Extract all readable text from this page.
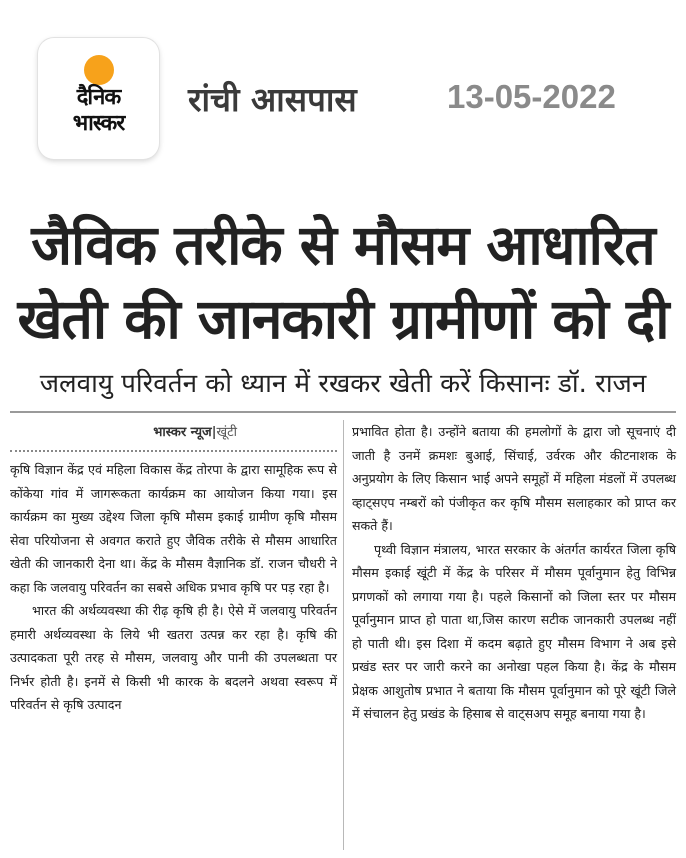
दैनिक
भास्कर
रांची आसपास	13-05-2022
जैविक तरीके से मौसम आधारित
खेती की जानकारी ग्रामीणों को दी
जलवायु परिवर्तन को ध्यान में रखकर खेती करें किसानः डॉ. राजन
भास्कर न्यूज|खूंटी

कृषि विज्ञान केंद्र एवं महिला विकास केंद्र तोरपा के द्वारा सामूहिक रूप से कोंकेया गांव में जागरूकता कार्यक्रम का आयोजन किया गया। इस कार्यक्रम का मुख्य उद्देश्य जिला कृषि मौसम इकाई ग्रामीण कृषि मौसम सेवा परियोजना से अवगत कराते हुए जैविक तरीके से मौसम आधारित खेती की जानकारी देना था। केंद्र के मौसम वैज्ञानिक डॉ. राजन चौधरी ने कहा कि जलवायु परिवर्तन का सबसे अधिक प्रभाव कृषि पर पड़ रहा है।

भारत की अर्थव्यवस्था की रीढ़ कृषि ही है। ऐसे में जलवायु परिवर्तन हमारी अर्थव्यवस्था के लिये भी खतरा उत्पन्न कर रहा है। कृषि की उत्पादकता पूरी तरह से मौसम, जलवायु और पानी की उपलब्धता पर निर्भर होती है। इनमें से किसी भी कारक के बदलने अथवा स्वरूप में परिवर्तन से कृषि उत्पादन

प्रभावित होता है। उन्होंने बताया की हमलोगों के द्वारा जो सूचनाएं दी जाती है उनमें क्रमशः बुआई, सिंचाई, उर्वरक और कीटनाशक के अनुप्रयोग के लिए किसान भाई अपने समूहों में महिला मंडलों में उपलब्ध व्हाट्सएप नम्बरों को पंजीकृत कर कृषि मौसम सलाहकार को प्राप्त कर सकते हैं।

पृथ्वी विज्ञान मंत्रालय, भारत सरकार के अंतर्गत कार्यरत जिला कृषि मौसम इकाई खूंटी में केंद्र के परिसर में मौसम पूर्वानुमान हेतु विभिन्न प्रगणकों को लगाया गया है। पहले किसानों को जिला स्तर पर मौसम पूर्वानुमान प्राप्त हो पाता था,जिस कारण सटीक जानकारी उपलब्ध नहीं हो पाती थी। इस दिशा में कदम बढ़ाते हुए मौसम विभाग ने अब इसे प्रखंड स्तर पर जारी करने का अनोखा पहल किया है। केंद्र के मौसम प्रेक्षक आशुतोष प्रभात ने बताया कि मौसम पूर्वानुमान को पूरे खूंटी जिले में संचालन हेतु प्रखंड के हिसाब से वाट्सअप समूह बनाया गया है।
